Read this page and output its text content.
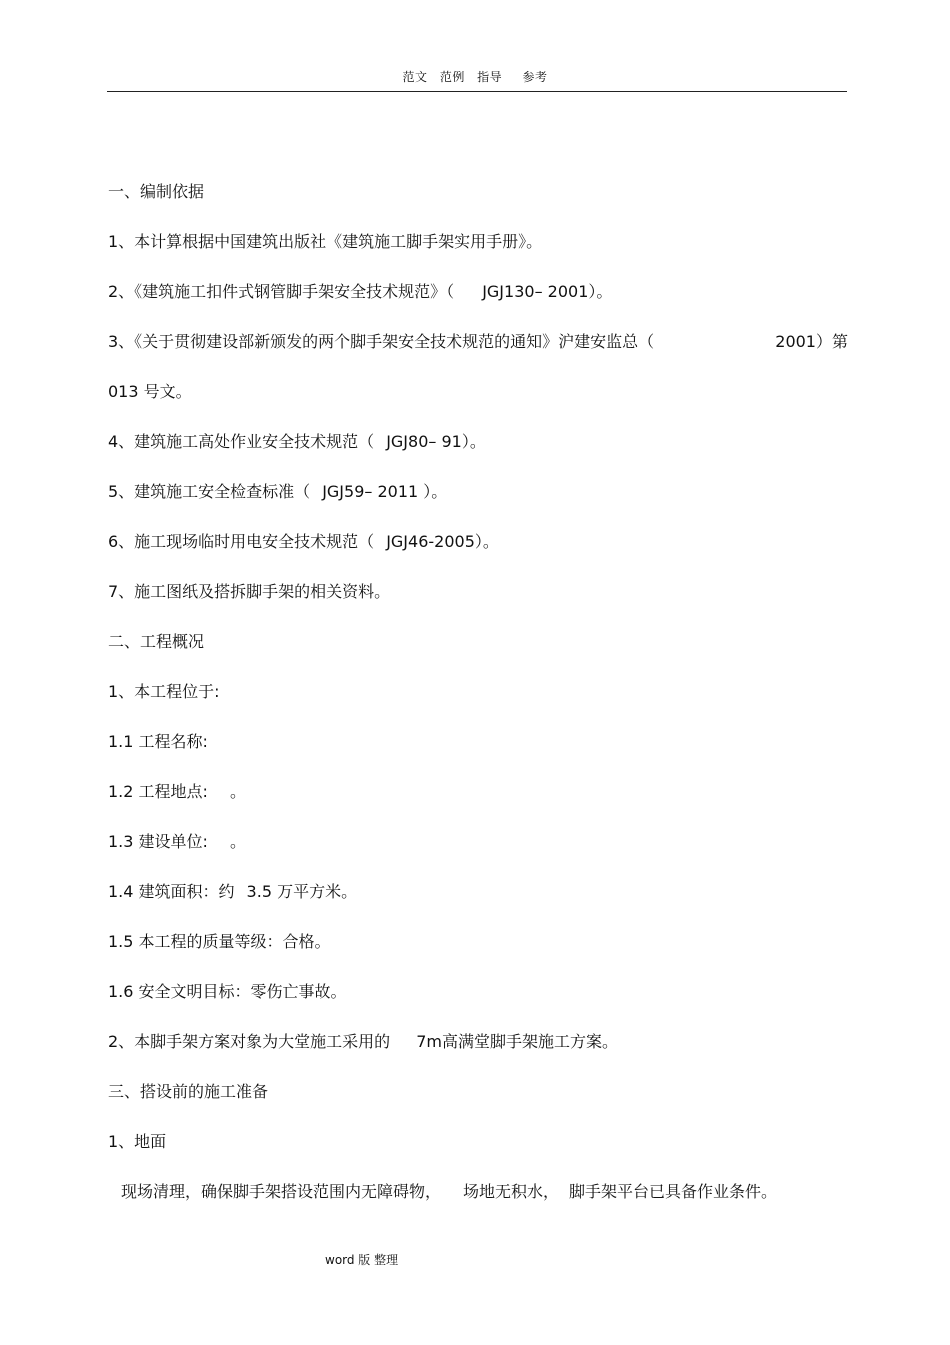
范文 范例 指导 参考
一、编制依据
1、本计算根据中国建筑出版社《建筑施工脚手架实用手册》。
2、《建筑施工扣件式钢管脚手架安全技术规范》（ JGJ130– 2001）。
3、《关于贯彻建设部新颁发的两个脚手架安全技术规范的通知》沪建安监总（	2001）第
013 号文。
4、建筑施工高处作业安全技术规范（ JGJ80– 91）。
5、建筑施工安全检查标准（ JGJ59– 2011 ）。
6、施工现场临时用电安全技术规范（ JGJ46-2005）。
7、施工图纸及搭拆脚手架的相关资料。
二、工程概况
1、本工程位于:
1.1 工程名称:
1.2 工程地点: 。
1.3 建设单位: 。
1.4 建筑面积：约 3.5 万平方米。
1.5 本工程的质量等级：合格。
1.6 安全文明目标：零伤亡事故。
2、本脚手架方案对象为大堂施工采用的 7m高满堂脚手架施工方案。
三、搭设前的施工准备
1、地面
现场清理，确保脚手架搭设范围内无障碍物， 场地无积水， 脚手架平台已具备作业条件。
word 版 整理
